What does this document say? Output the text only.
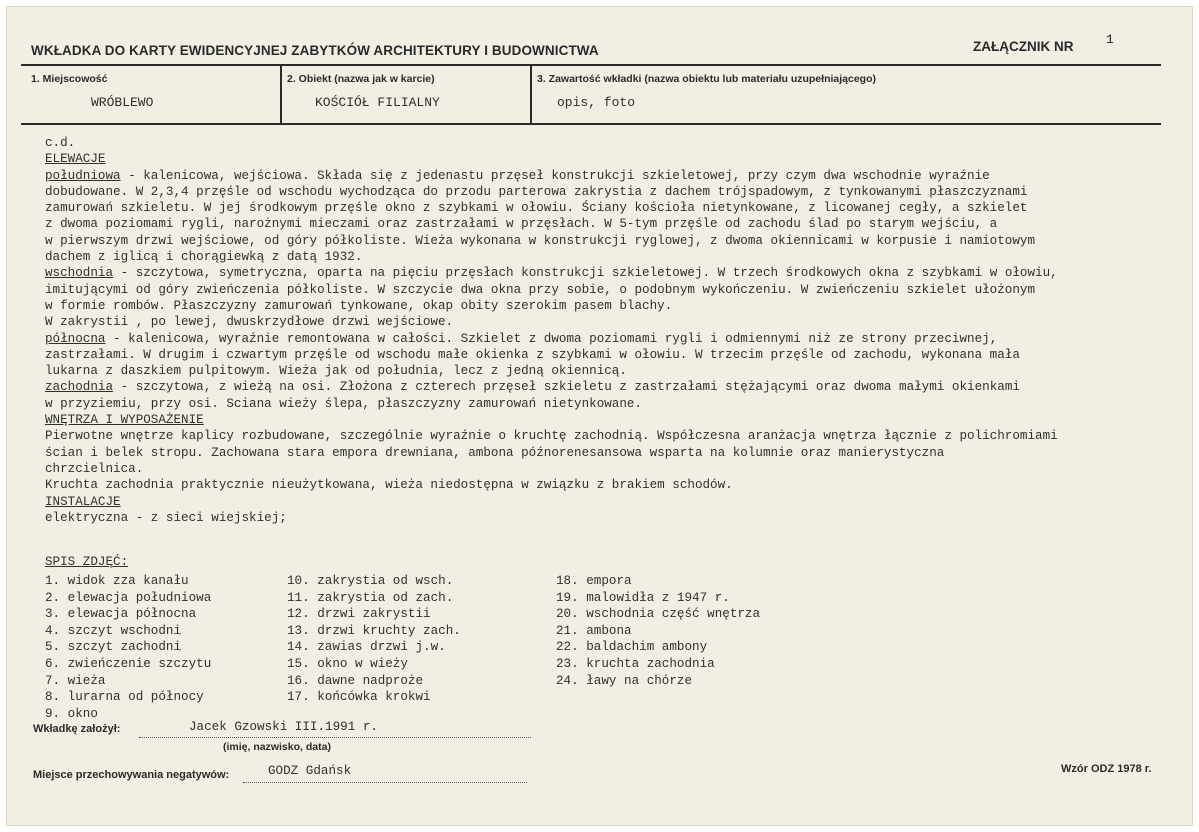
WKŁADKA DO KARTY EWIDENCYJNEJ ZABYTKÓW ARCHITEKTURY I BUDOWNICTWA	ZAŁĄCZNIK NR	1
1. Miejscowość
WRÓBLEWO
2. Obiekt (nazwa jak w karcie)
KOŚCIÓŁ FILIALNY
3. Zawartość wkładki (nazwa obiektu lub materiału uzupełniającego)
opis, foto
c.d.
ELEWACJE
południowa - kalenicowa, wejściowa. Składa się z jedenastu przęseł konstrukcji szkieletowej, przy czym dwa wschodnie wyraźnie
dobudowane. W 2,3,4 przęśle od wschodu wychodząca do przodu parterowa zakrystia z dachem trójspadowym, z tynkowanymi płaszczyznami
zamurowań szkieletu. W jej środkowym przęśle okno z szybkami w ołowiu. Ściany kościoła nietynkowane, z licowanej cegły, a szkielet
z dwoma poziomami rygli, narożnymi mieczami oraz zastrzałami w przęsłach. W 5-tym przęśle od zachodu ślad po starym wejściu, a
w pierwszym drzwi wejściowe, od góry półkoliste. Wieża wykonana w konstrukcji ryglowej, z dwoma okiennicami w korpusie i namiotowym
dachem z iglicą i chorągiewką z datą 1932.
wschodnia - szczytowa, symetryczna, oparta na pięciu przęsłach konstrukcji szkieletowej. W trzech środkowych okna z szybkami w ołowiu,
imitującymi od góry zwieńczenia półkoliste. W szczycie dwa okna przy sobie, o podobnym wykończeniu. W zwieńczeniu szkielet ułożonym
w formie rombów. Płaszczyzny zamurowań tynkowane, okap obity szerokim pasem blachy.
W zakrystii , po lewej, dwuskrzydłowe drzwi wejściowe.
północna - kalenicowa, wyraźnie remontowana w całości. Szkielet z dwoma poziomami rygli i odmiennymi niż ze strony przeciwnej,
zastrzałami. W drugim i czwartym przęśle od wschodu małe okienka z szybkami w ołowiu. W trzecim przęśle od zachodu, wykonana mała
lukarna z daszkiem pulpitowym. Wieża jak od południa, lecz z jedną okiennicą.
zachodnia - szczytowa, z wieżą na osi. Złożona z czterech przęseł szkieletu z zastrzałami stężającymi oraz dwoma małymi okienkami
w przyziemiu, przy osi. Sciana wieży ślepa, płaszczyzny zamurowań nietynkowane.
WNĘTRZA I WYPOSAŻENIE
Pierwotne wnętrze kaplicy rozbudowane, szczególnie wyraźnie o kruchtę zachodnią. Współczesna aranżacja wnętrza łącznie z polichromiami
ścian i belek stropu. Zachowana stara empora drewniana, ambona późnorenesansowa wsparta na kolumnie oraz manierystyczna
chrzcielnica.
Kruchta zachodnia praktycznie nieużytkowana, wieża niedostępna w związku z brakiem schodów.
INSTALACJE
elektryczna - z sieci wiejskiej;
SPIS ZDJĘĆ:
1. widok zza kanału
2. elewacja południowa
3. elewacja północna
4. szczyt wschodni
5. szczyt zachodni
6. zwieńczenie szczytu
7. wieża
8. lurarna od północy
9. okno
10. zakrystia od wsch.
11. zakrystia od zach.
12. drzwi zakrystii
13. drzwi kruchty zach.
14. zawias drzwi j.w.
15. okno w wieży
16. dawne nadproże
17. końcówka krokwi
18. empora
19. malowidła z 1947 r.
20. wschodnia część wnętrza
21. ambona
22. baldachim ambony
23. kruchta zachodnia
24. ławy na chórze
Wkładkę założył:	Jacek Gzowski III.1991 r.
(imię, nazwisko, data)
Miejsce przechowywania negatywów:	GODZ Gdańsk	Wzór ODZ 1978 r.
